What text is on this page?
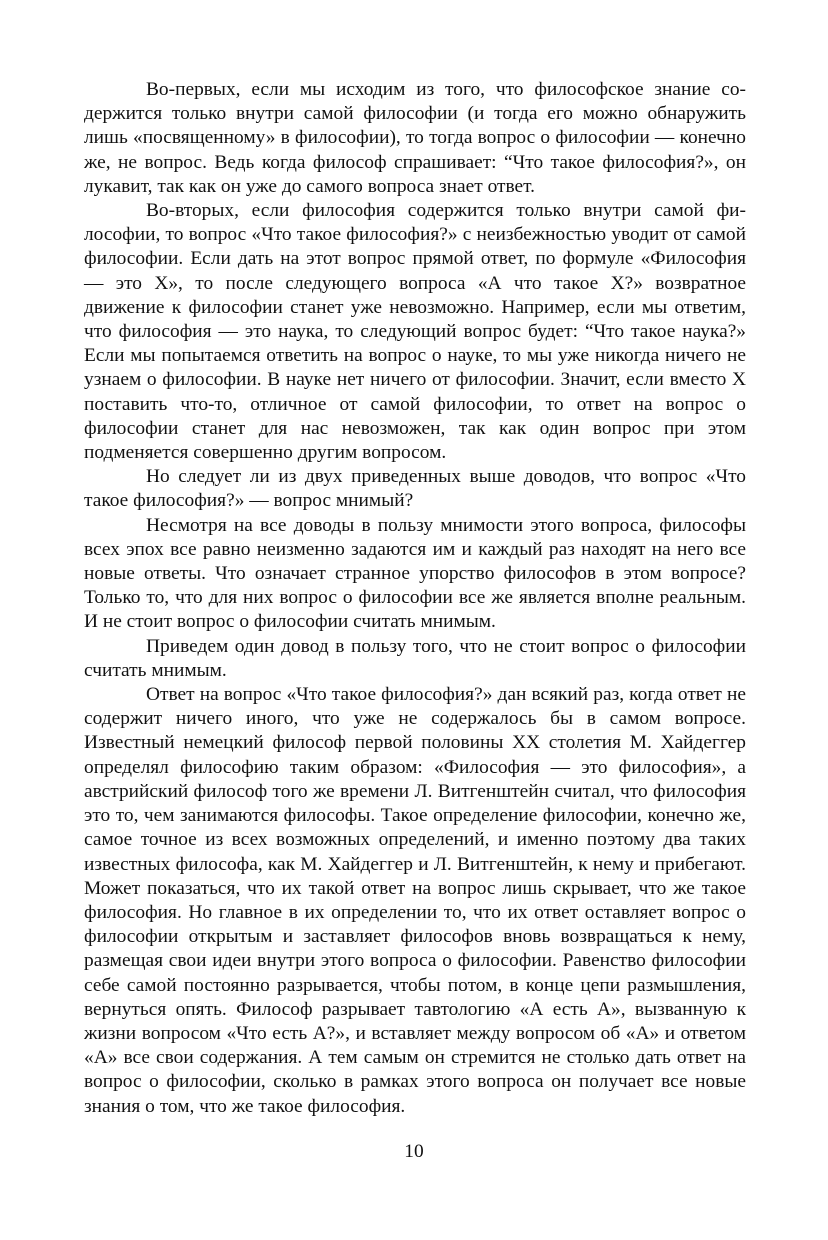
Во-первых, если мы исходим из того, что философское знание содержится только внутри самой философии (и тогда его можно обнаружить лишь «посвященному» в философии), то тогда вопрос о философии — конечно же, не вопрос. Ведь когда философ спрашивает: “Что такое философия?», он лукавит, так как он уже до самого вопроса знает ответ.

Во-вторых, если философия содержится только внутри самой философии, то вопрос «Что такое философия?» с неизбежностью уводит от самой философии. Если дать на этот вопрос прямой ответ, по формуле «Философия — это X», то после следующего вопроса «А что такое X?» возвратное движение к философии станет уже невозможно. Например, если мы ответим, что философия — это наука, то следующий вопрос будет: “Что такое наука?» Если мы попытаемся ответить на вопрос о науке, то мы уже никогда ничего не узнаем о философии. В науке нет ничего от философии. Значит, если вместо X поставить что-то, отличное от самой философии, то ответ на вопрос о философии станет для нас невозможен, так как один вопрос при этом подменяется совершенно другим вопросом.

Но следует ли из двух приведенных выше доводов, что вопрос «Что такое философия?» — вопрос мнимый?

Несмотря на все доводы в пользу мнимости этого вопроса, философы всех эпох все равно неизменно задаются им и каждый раз находят на него все новые ответы. Что означает странное упорство философов в этом вопросе? Только то, что для них вопрос о философии все же является вполне реальным. И не стоит вопрос о философии считать мнимым.

Приведем один довод в пользу того, что не стоит вопрос о философии считать мнимым.

Ответ на вопрос «Что такое философия?» дан всякий раз, когда ответ не содержит ничего иного, что уже не содержалось бы в самом вопросе. Известный немецкий философ первой половины XX столетия М. Хайдеггер определял философию таким образом: «Философия — это философия», а австрийский философ того же времени Л. Витгенштейн считал, что философия это то, чем занимаются философы. Такое определение философии, конечно же, самое точное из всех возможных определений, и именно поэтому два таких известных философа, как М. Хайдеггер и Л. Витгенштейн, к нему и прибегают. Может показаться, что их такой ответ на вопрос лишь скрывает, что же такое философия. Но главное в их определении то, что их ответ оставляет вопрос о философии открытым и заставляет философов вновь возвращаться к нему, размещая свои идеи внутри этого вопроса о философии. Равенство философии себе самой постоянно разрывается, чтобы потом, в конце цепи размышления, вернуться опять. Философ разрывает тавтологию «А есть А», вызванную к жизни вопросом «Что есть А?», и вставляет между вопросом об «А» и ответом «А» все свои содержания. А тем самым он стремится не столько дать ответ на вопрос о философии, сколько в рамках этого вопроса он получает все новые знания о том, что же такое философия.

10
